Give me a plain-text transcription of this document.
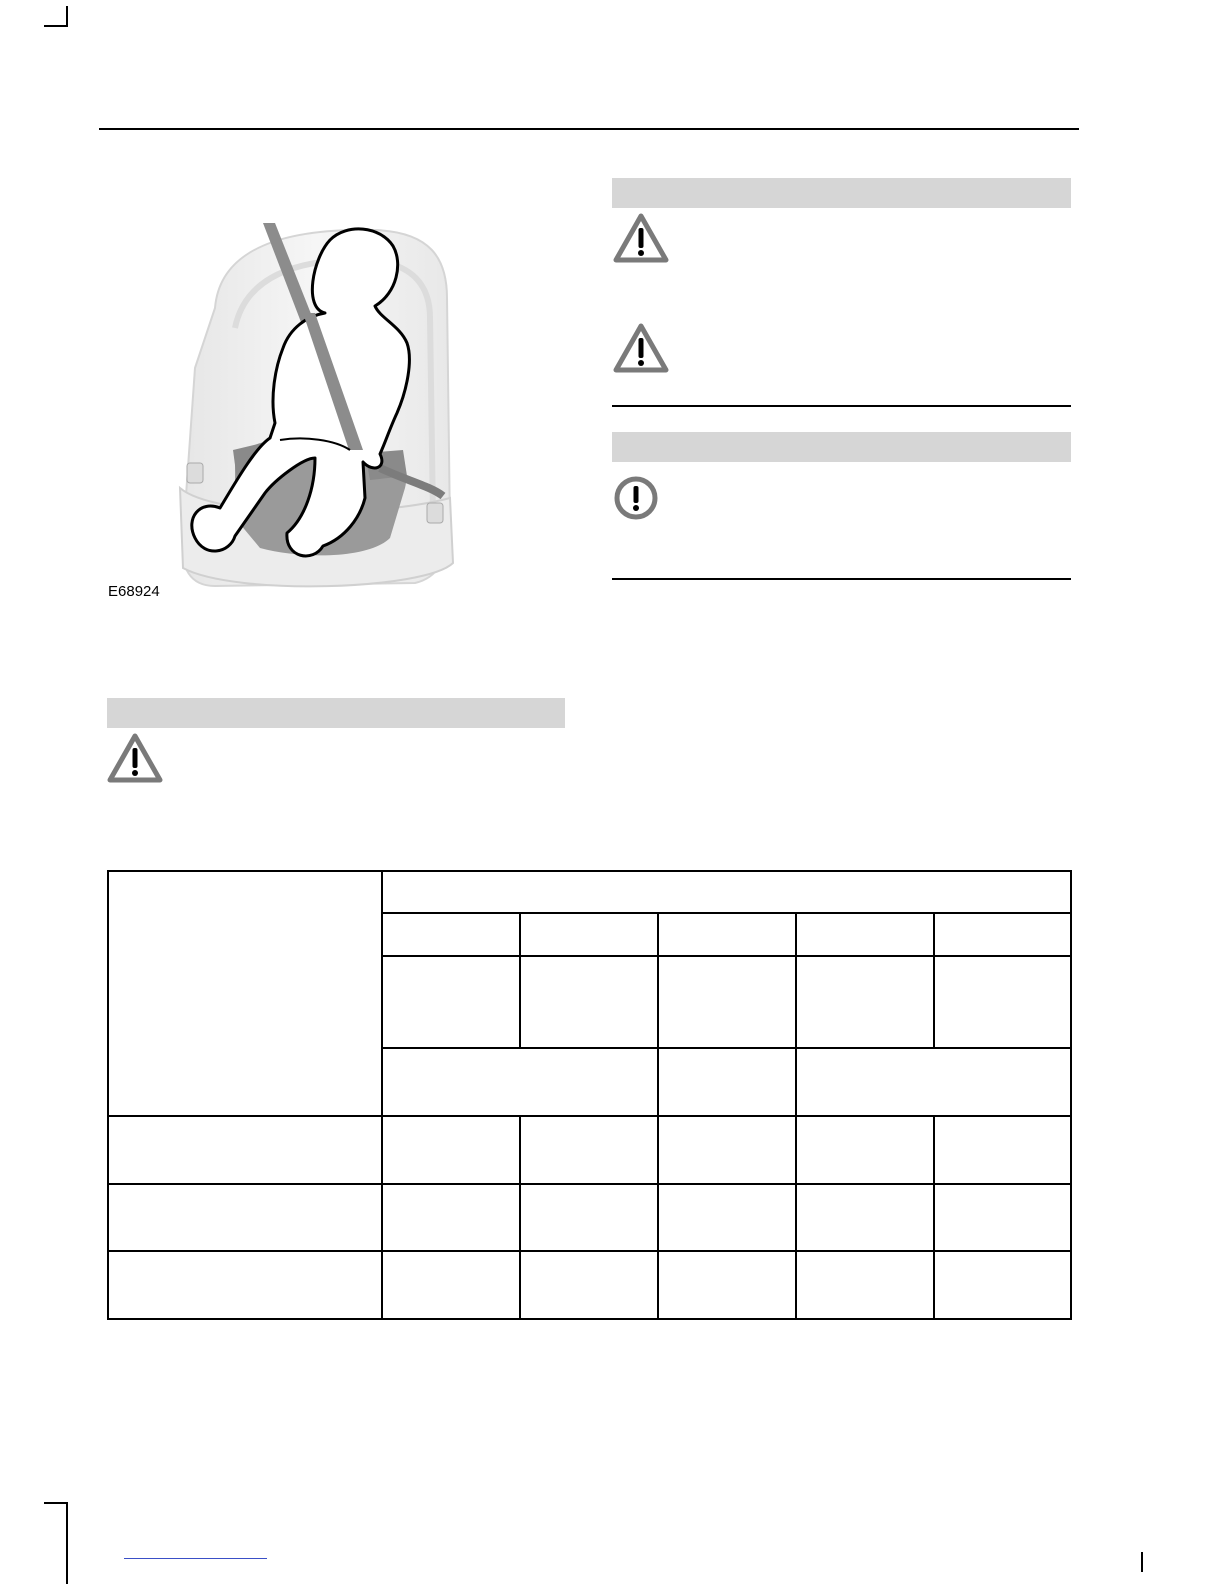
E68924
